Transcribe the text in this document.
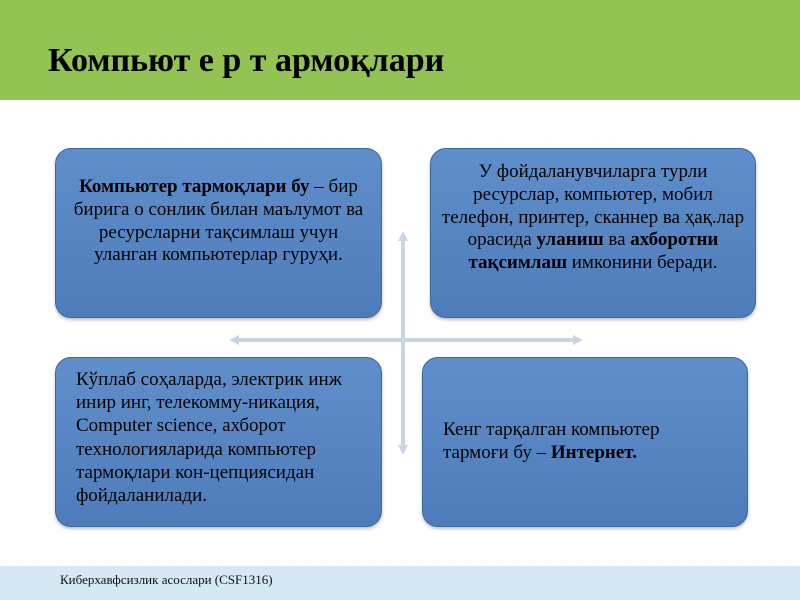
Компьют е р т армоқлари
Компьютер тармоқлари бу – бир бирига о сонлик билан маълумот ва ресурсларни тақсимлаш учун уланган компьютерлар гуруҳи.
У фойдаланувчиларга турли ресурслар, компьютер, мобил телефон, принтер, сканнер ва ҳақ.лар орасида уланиш ва ахборотни тақсимлаш имконини беради.
Кўплаб соҳаларда, электрик инж инир инг, телекомму-никация, Computer science, ахборот технологияларида компьютер тармоқлари кон-цепциясидан фойдаланилади.
Кенг тарқалган компьютер тармоғи бу – Интернет.

Киберхавфсизлик асослари (CSF1316)
